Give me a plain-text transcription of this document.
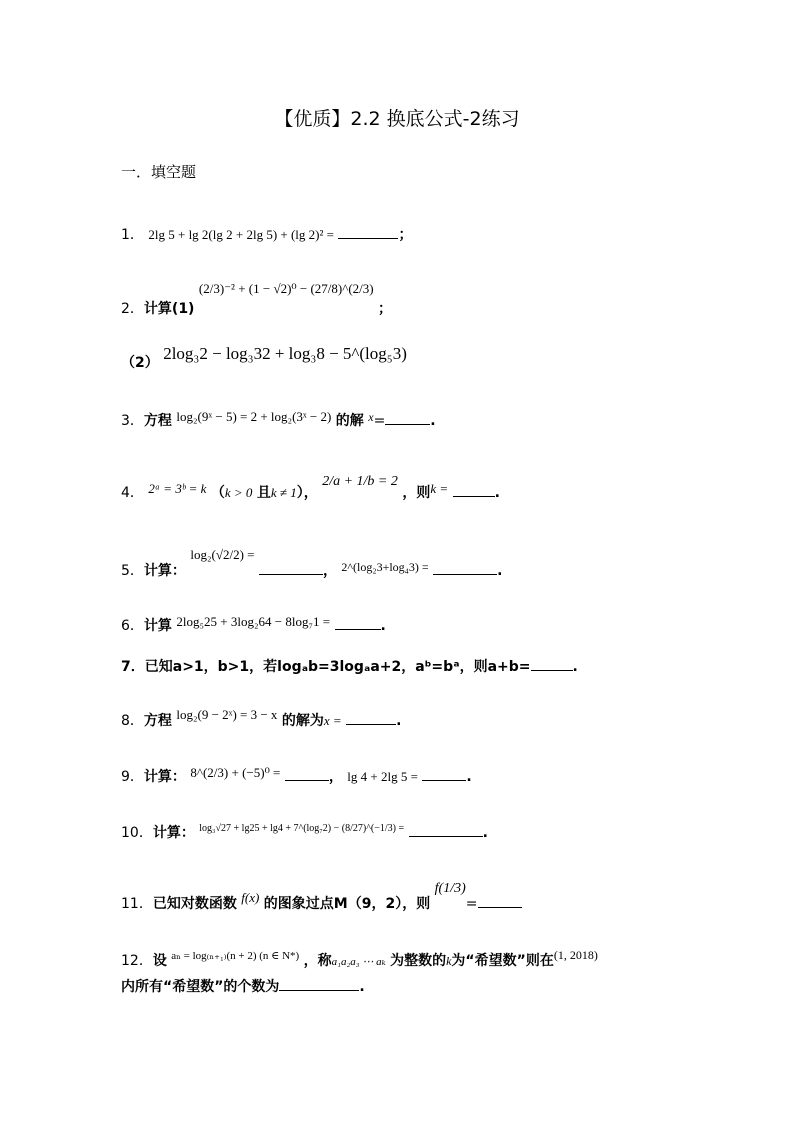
【优质】2.2 换底公式-2练习
一．填空题
1． 2lg 5 + lg 2(lg 2 + 2lg 5) + (lg 2)² =	；
2．计算(1) (2/3)⁻² + (1 − √2)⁰ − (27/8)^(2/3) ；
（2） 2log₃2 − log₃32 + log₃8 − 5^(log₅3)
3．方程 log₂(9ˣ − 5) = 2 + log₂(3ˣ − 2) 的解 x=	.
4． 2ᵃ = 3ᵇ = k （k > 0 且k ≠ 1）， 2/a + 1/b = 2 ，则k =	.
5．计算： log₂(√2/2) = ， 2^(log₂3+log₄3) =	.
6．计算 2log₅25 + 3log₂64 − 8log₇1 =	.
7．已知a>1，b>1，若logₐb=3logₐa+2，aᵇ=bᵃ，则a+b=	.
8．方程 log₂(9 − 2ˣ) = 3 − x 的解为x =	.
9．计算： 8^(2/3) + (−5)⁰ =	， lg 4 + 2lg 5 =	.
10．计算： $^{log_3√27 + lg25 + lg4 + 7\^{}(log_72) - (8/27)\^{}(-1/3) =}$	.
11．已知对数函数 f(x) 的图象过点M（9，2），则 f(1/3)=
12．设 $^{a_n = log_{(n+1)}(n + 2) (n \in N*)}$ ，称a₁a₂a₃ ⋯ aₖ 为整数的k为“希望数”则在(1, 2018)
内所有“希望数”的个数为	.
